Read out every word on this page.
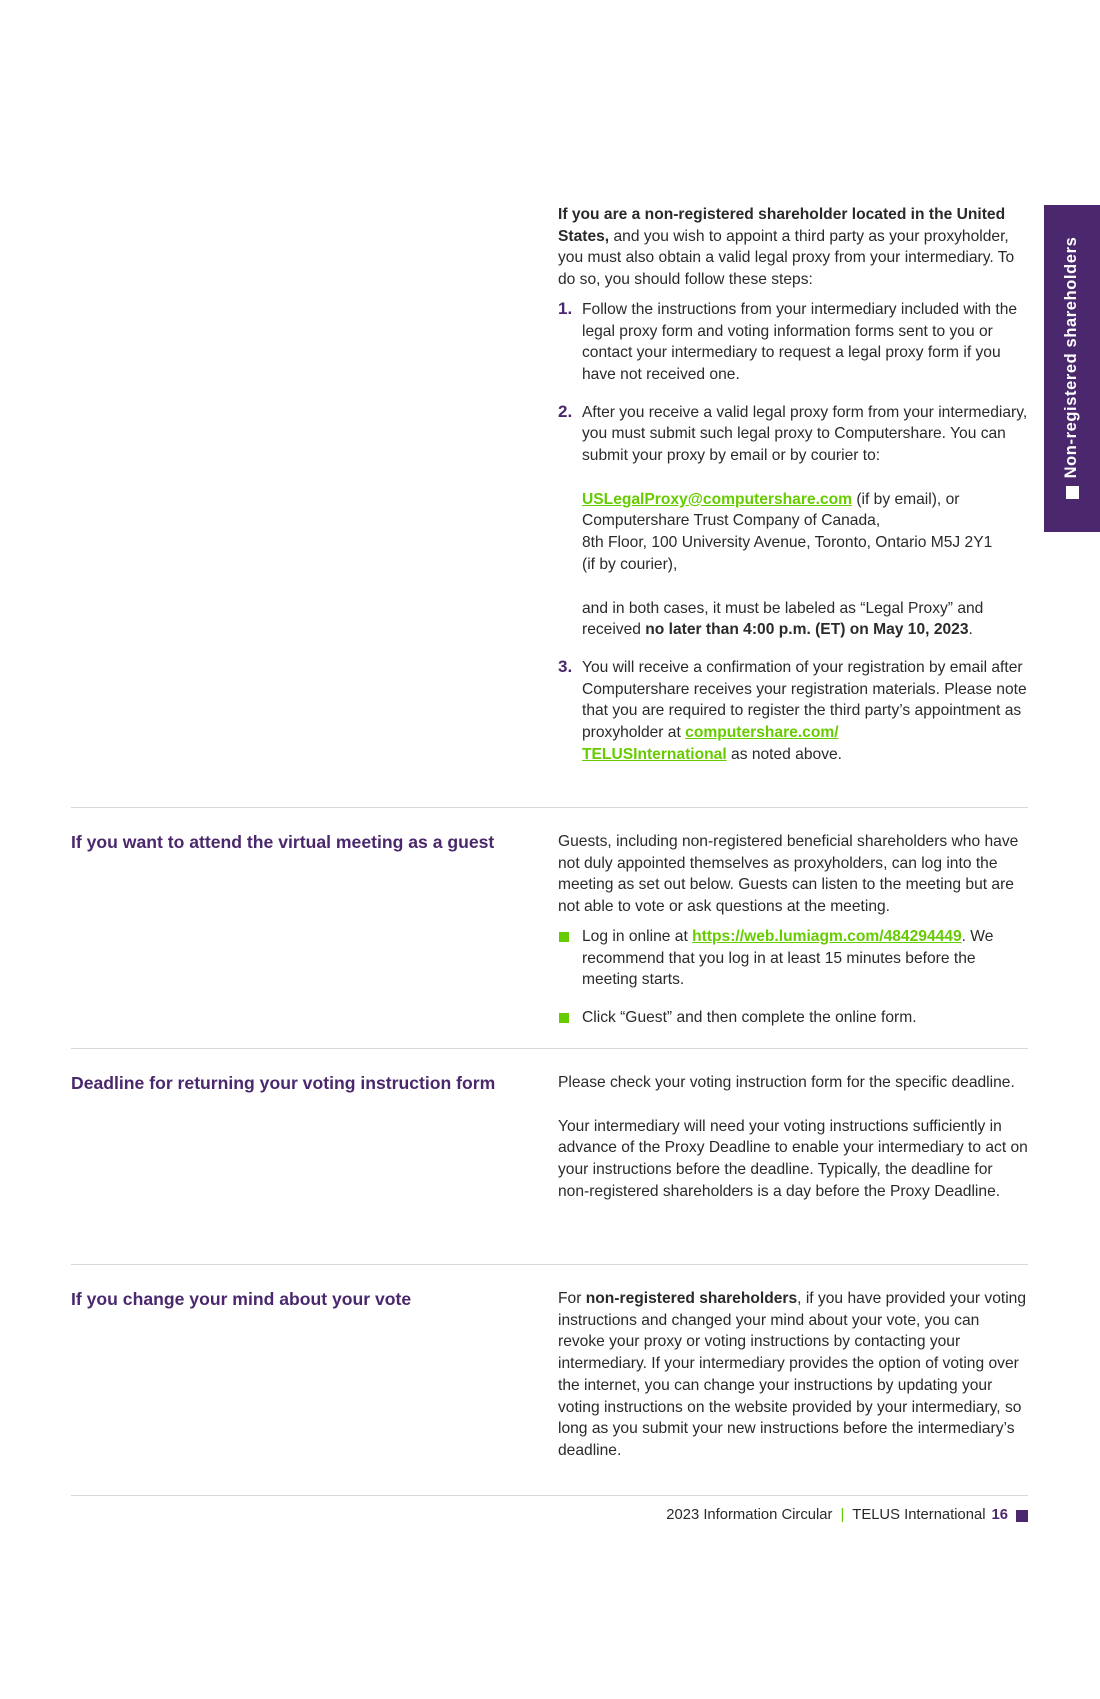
Non-registered shareholders

If you are a non-registered shareholder located in the United States, and you wish to appoint a third party as your proxyholder, you must also obtain a valid legal proxy from your intermediary. To do so, you should follow these steps:

1. Follow the instructions from your intermediary included with the legal proxy form and voting information forms sent to you or contact your intermediary to request a legal proxy form if you have not received one.
2. After you receive a valid legal proxy form from your intermediary, you must submit such legal proxy to Computershare. You can submit your proxy by email or by courier to:

USLegalProxy@computershare.com (if by email), or
Computershare Trust Company of Canada,
8th Floor, 100 University Avenue, Toronto, Ontario M5J 2Y1
(if by courier),

and in both cases, it must be labeled as “Legal Proxy” and received no later than 4:00 p.m. (ET) on May 10, 2023.

3. You will receive a confirmation of your registration by email after Computershare receives your registration materials. Please note that you are required to register the third party’s appointment as proxyholder at computershare.com/
TELUSInternational as noted above.
If you want to attend the virtual meeting as a guest	Guests, including non-registered beneficial shareholders who have not duly appointed themselves as proxyholders, can log into the meeting as set out below. Guests can listen to the meeting but are not able to vote or ask questions at the meeting.

Log in online at https://web.lumiagm.com/484294449. We recommend that you log in at least 15 minutes before the meeting starts.
Click “Guest” and then complete the online form.
Deadline for returning your voting instruction form	Please check your voting instruction form for the specific deadline.

Your intermediary will need your voting instructions sufficiently in advance of the Proxy Deadline to enable your intermediary to act on your instructions before the deadline. Typically, the deadline for non-registered shareholders is a day before the Proxy Deadline.

If you change your mind about your vote	For non-registered shareholders, if you have provided your voting instructions and changed your mind about your vote, you can revoke your proxy or voting instructions by contacting your intermediary. If your intermediary provides the option of voting over the internet, you can change your instructions by updating your voting instructions on the website provided by your intermediary, so long as you submit your new instructions before the intermediary’s deadline.

2023 Information Circular | TELUS International 16
